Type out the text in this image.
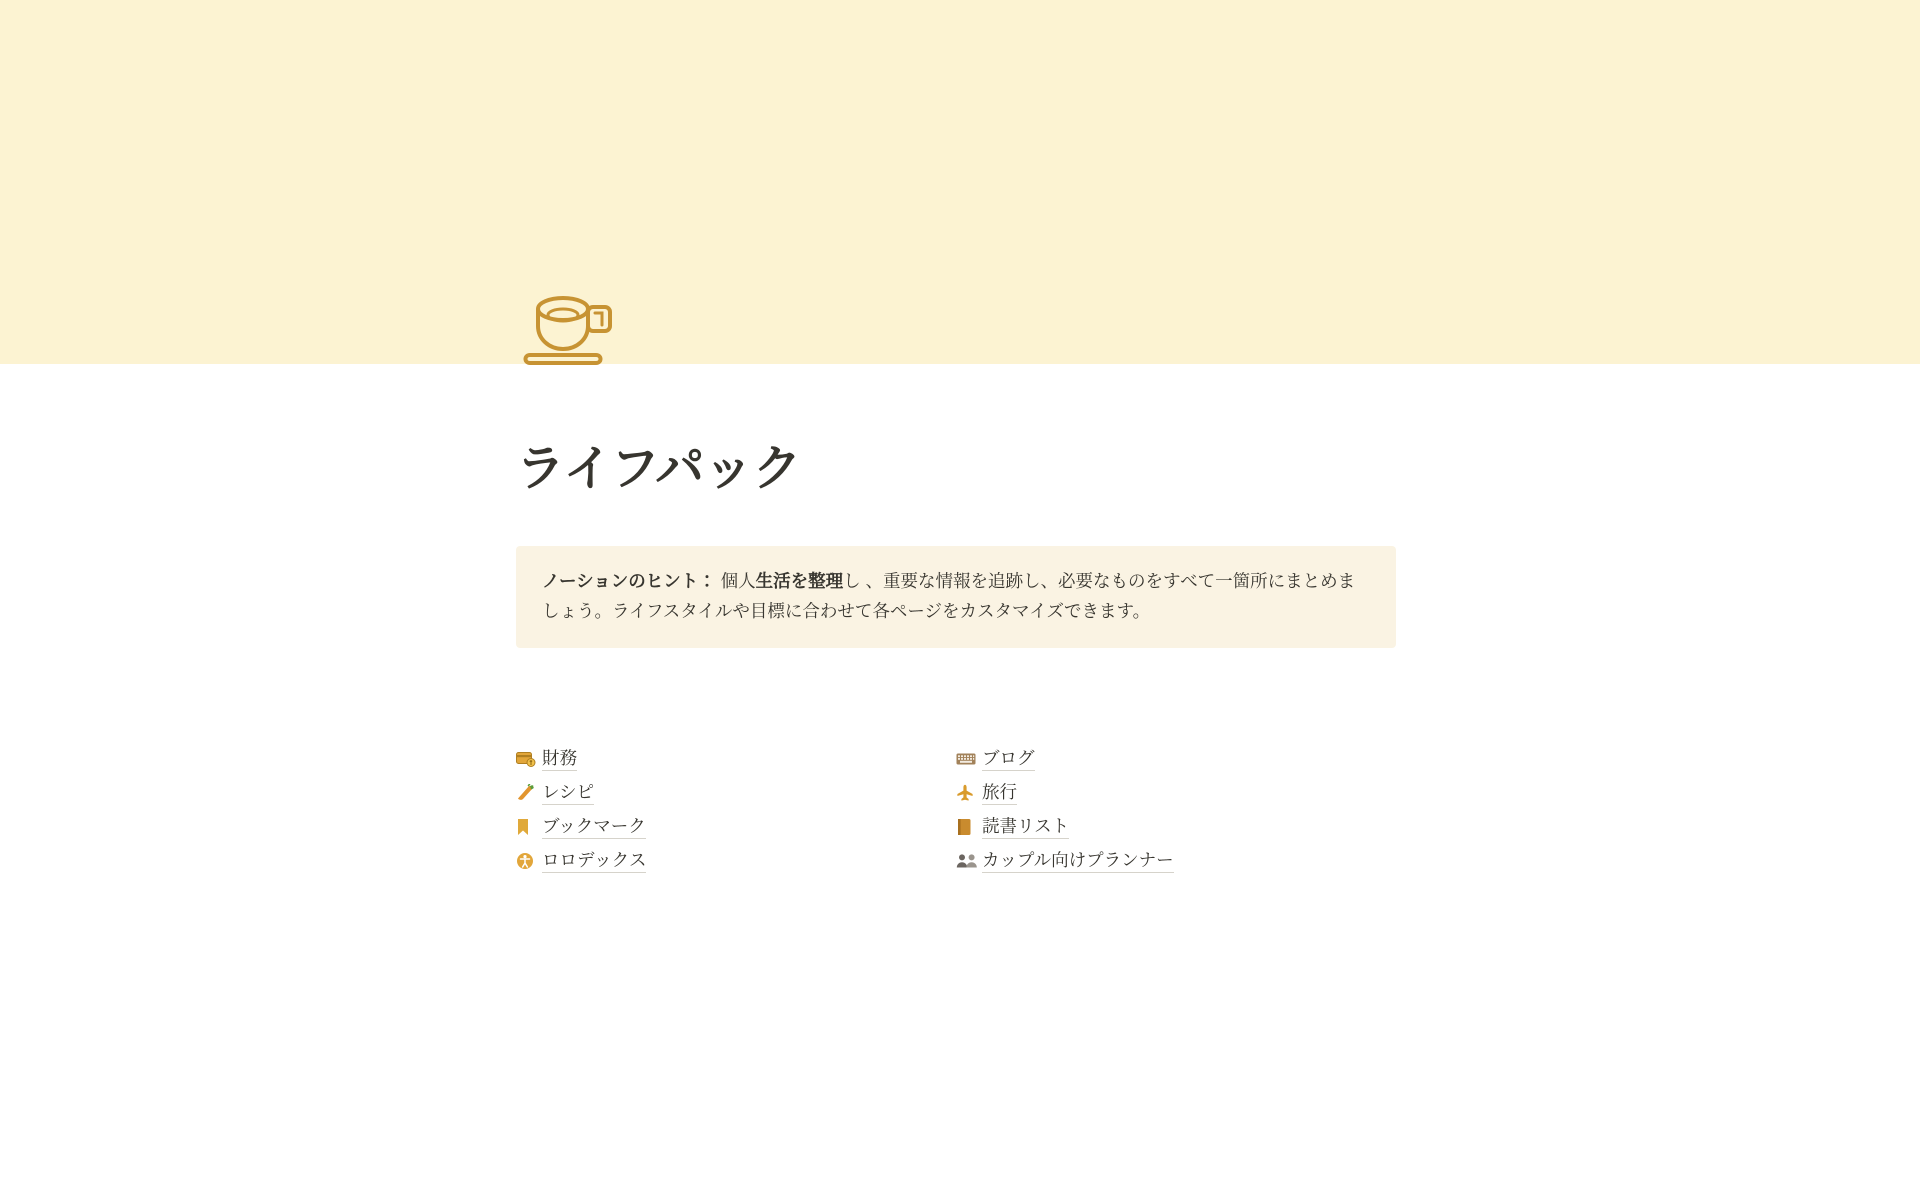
ライフパック

ノーションのヒント： 個人生活を整理し 、重要な情報を追跡し、必要なものをすべて一箇所にまとめましょう。ライフスタイルや目標に合わせて各ページをカスタマイズできます。

財務
レシピ
ブックマーク
ロロデックス
ブログ
旅行
読書リスト
カップル向けプランナー
